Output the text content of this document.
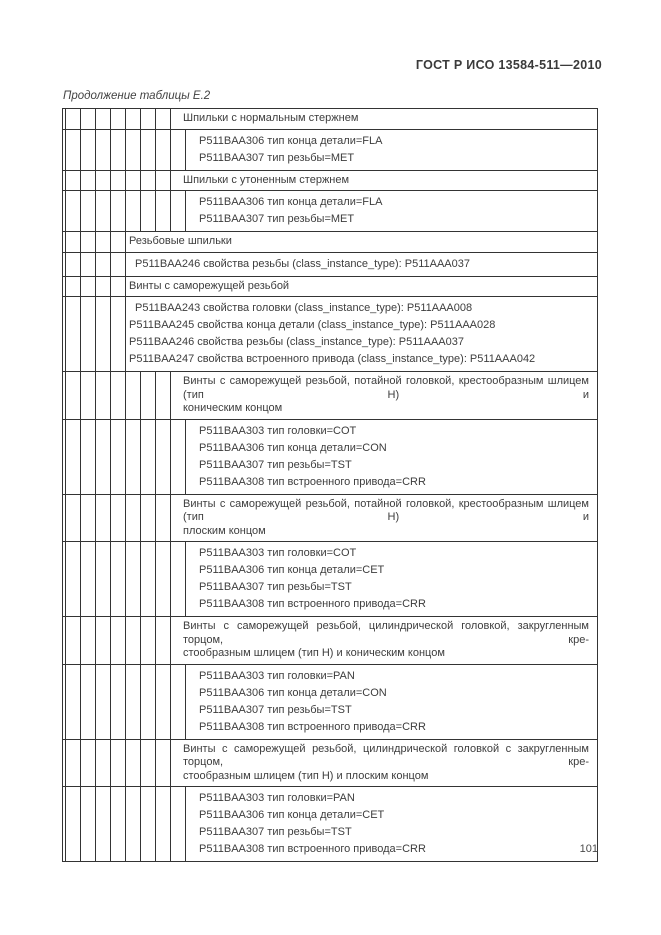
ГОСТ Р ИСО 13584-511—2010
Продолжение таблицы Е.2
Шпильки с нормальным стержнем
P511BAA306 тип конца детали=FLA
P511BAA307 тип резьбы=МЕТ
Шпильки с утоненным стержнем
P511BAA306 тип конца детали=FLA
P511BAA307 тип резьбы=МЕТ
Резьбовые шпильки
P511BAA246 свойства резьбы (class_instance_type): P511AAA037
Винты с саморежущей резьбой
P511BAA243 свойства головки (class_instance_type): P511AAA008
P511BAA245 свойства конца детали (class_instance_type): P511AAA028
P511BAA246 свойства резьбы (class_instance_type): P511AAA037
P511BAA247 свойства встроенного привода (class_instance_type): P511AAA042
Винты с саморежущей резьбой, потайной головкой, крестообразным шлицем (тип Н) и
коническим концом
P511BAA303 тип головки=COT
P511BAA306 тип конца детали=CON
P511BAA307 тип резьбы=TST
P511BAA308 тип встроенного привода=CRR
Винты с саморежущей резьбой, потайной головкой, крестообразным шлицем (тип Н) и
плоским концом
P511BAA303 тип головки=COT
P511BAA306 тип конца детали=CET
P511BAA307 тип резьбы=TST
P511BAA308 тип встроенного привода=CRR
Винты с саморежущей резьбой, цилиндрической головкой, закругленным торцом, кре-
стообразным шлицем (тип Н) и коническим концом
P511BAA303 тип головки=PAN
P511BAA306 тип конца детали=CON
P511BAA307 тип резьбы=TST
P511BAA308 тип встроенного привода=CRR
Винты с саморежущей резьбой, цилиндрической головкой с закругленным торцом, кре-
стообразным шлицем (тип Н) и плоским концом
P511BAA303 тип головки=PAN
P511BAA306 тип конца детали=CET
P511BAA307 тип резьбы=TST
P511BAA308 тип встроенного привода=CRR	101
